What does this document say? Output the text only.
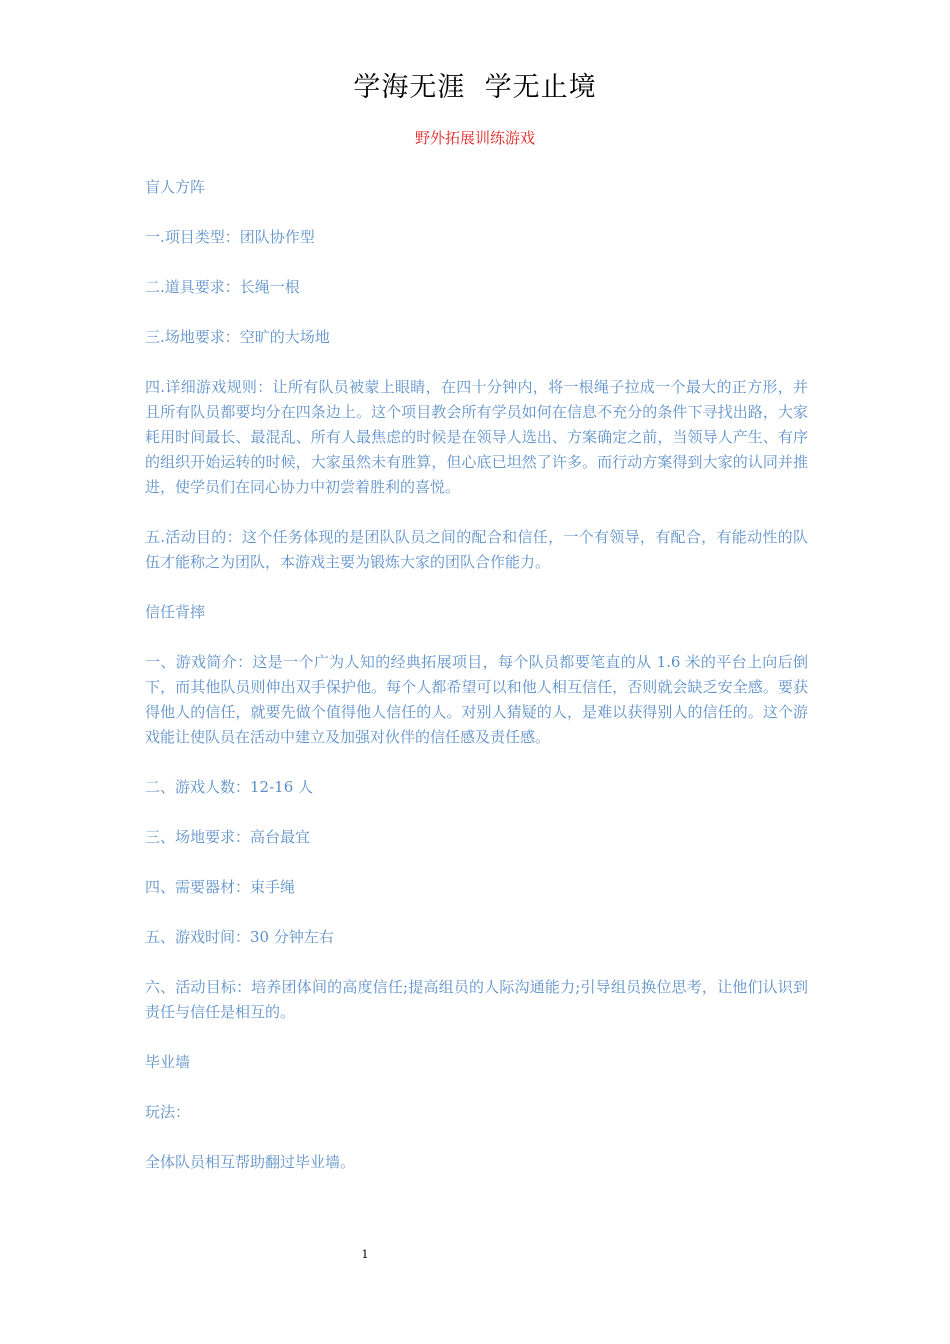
学海无涯  学无止境
野外拓展训练游戏

盲人方阵

一.项目类型：团队协作型

二.道具要求：长绳一根

三.场地要求：空旷的大场地

四.详细游戏规则：让所有队员被蒙上眼睛，在四十分钟内，将一根绳子拉成一个最大的正方形，并且所有队员都要均分在四条边上。这个项目教会所有学员如何在信息不充分的条件下寻找出路，大家耗用时间最长、最混乱、所有人最焦虑的时候是在领导人选出、方案确定之前，当领导人产生、有序的组织开始运转的时候，大家虽然未有胜算，但心底已坦然了许多。而行动方案得到大家的认同并推进，使学员们在同心协力中初尝着胜利的喜悦。

五.活动目的：这个任务体现的是团队队员之间的配合和信任，一个有领导，有配合，有能动性的队伍才能称之为团队，本游戏主要为锻炼大家的团队合作能力。

信任背摔

一、游戏简介：这是一个广为人知的经典拓展项目，每个队员都要笔直的从 1.6 米的平台上向后倒下，而其他队员则伸出双手保护他。每个人都希望可以和他人相互信任，否则就会缺乏安全感。要获得他人的信任，就要先做个值得他人信任的人。对别人猜疑的人，是难以获得别人的信任的。这个游戏能让使队员在活动中建立及加强对伙伴的信任感及责任感。

二、游戏人数：12-16 人

三、场地要求：高台最宜

四、需要器材：束手绳

五、游戏时间：30 分钟左右

六、活动目标：培养团体间的高度信任;提高组员的人际沟通能力;引导组员换位思考，让他们认识到责任与信任是相互的。

毕业墙

玩法：

全体队员相互帮助翻过毕业墙。

1
